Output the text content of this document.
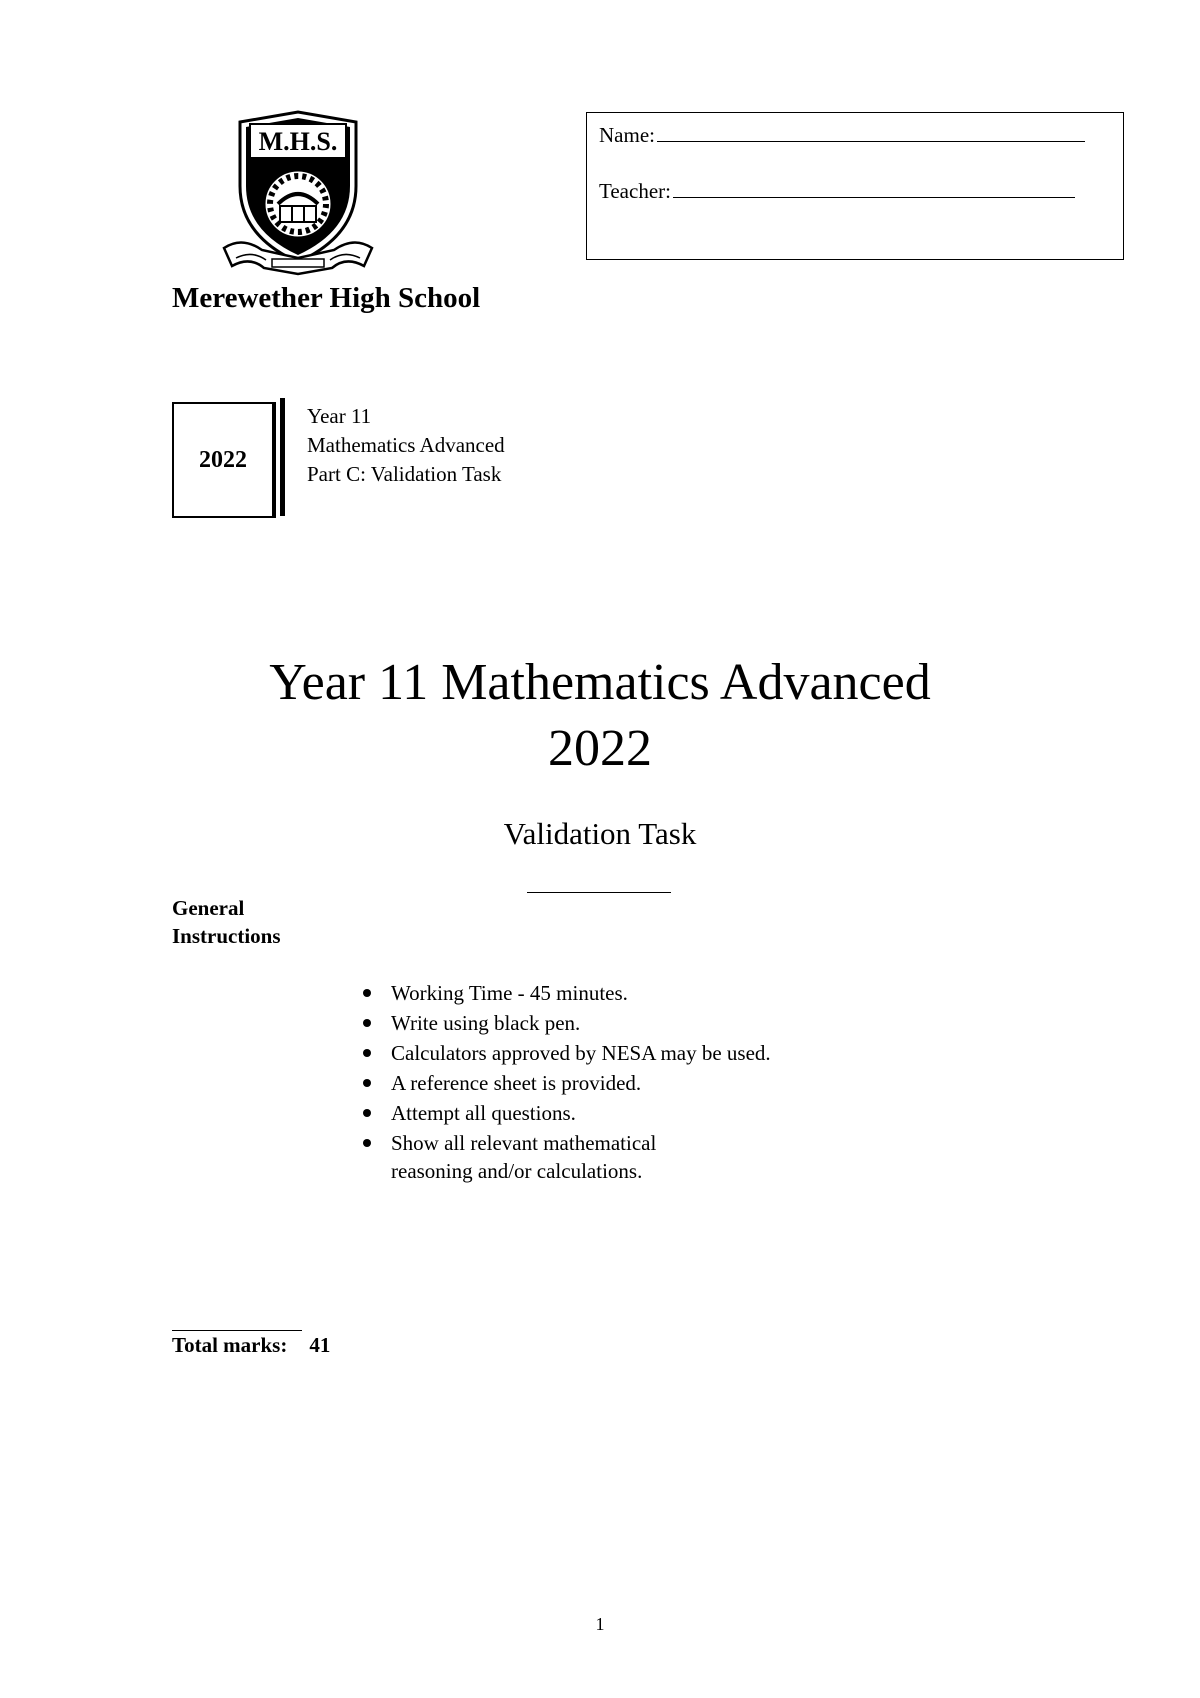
M.H.S.
Merewether High School
Name:
Teacher:
2022
Year 11
Mathematics Advanced
Part C: Validation Task
Year 11 Mathematics Advanced
2022
Validation Task
General
Instructions
Working Time - 45 minutes.
Write using black pen.
Calculators approved by NESA may be used.
A reference sheet is provided.
Attempt all questions.
Show all relevant mathematical
reasoning and/or calculations.
Total marks: 41
1
